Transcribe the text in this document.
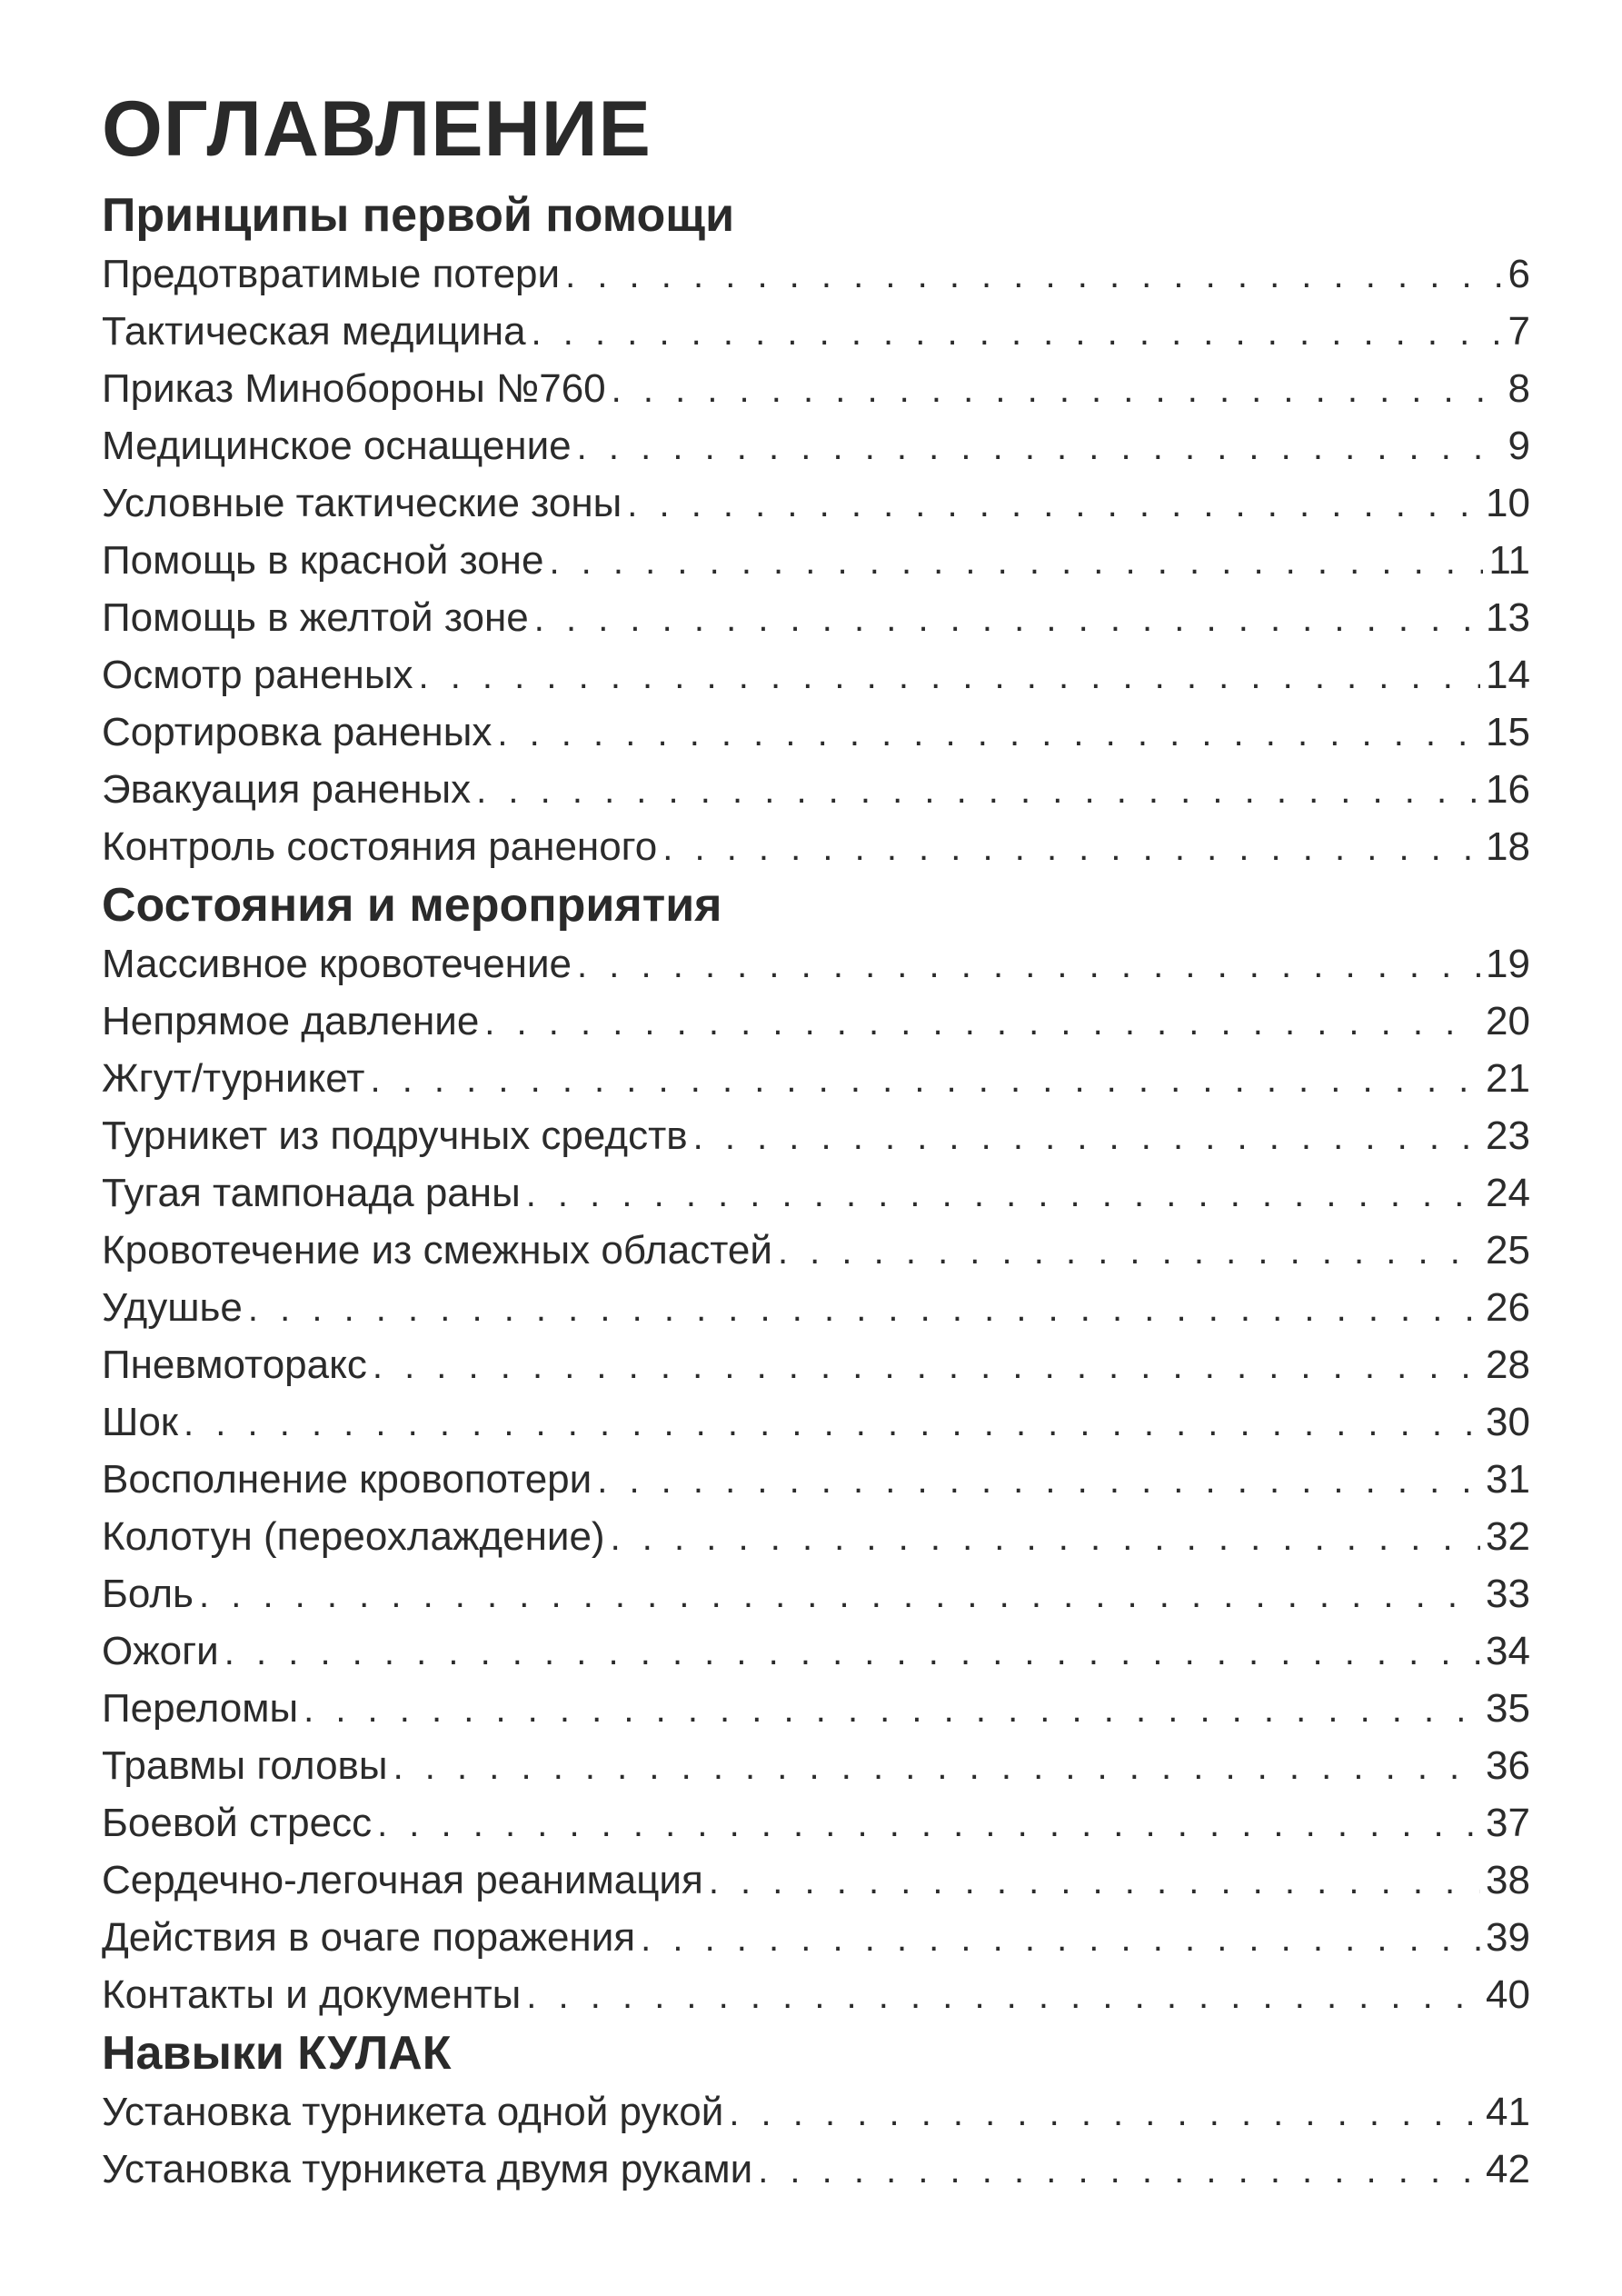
ОГЛАВЛЕНИЕ
Принципы первой помощи
Предотвратимые потери . . .	6
Тактическая медицина . . .	7
Приказ Минобороны №760 . . .	8
Медицинское оснащение . . .	9
Условные тактические зоны . . .	10
Помощь в красной зоне . . .	11
Помощь в желтой зоне . . .	13
Осмотр раненых . . .	14
Сортировка раненых . . .	15
Эвакуация раненых . . .	16
Контроль состояния раненого . . .	18
Состояния и мероприятия
Массивное кровотечение . . .	19
Непрямое давление . . .	20
Жгут/турникет . . .	21
Турникет из подручных средств . . .	23
Тугая тампонада раны . . .	24
Кровотечение из смежных областей . . .	25
Удушье . . .	26
Пневмоторакс . . .	28
Шок . . .	30
Восполнение кровопотери . . .	31
Колотун (переохлаждение) . . .	32
Боль . . .	33
Ожоги . . .	34
Переломы . . .	35
Травмы головы . . .	36
Боевой стресс . . .	37
Сердечно-легочная реанимация . . .	38
Действия в очаге поражения . . .	39
Контакты и документы . . .	40
Навыки КУЛАК
Установка турникета одной рукой . . .	41
Установка турникета двумя руками . . .	42
